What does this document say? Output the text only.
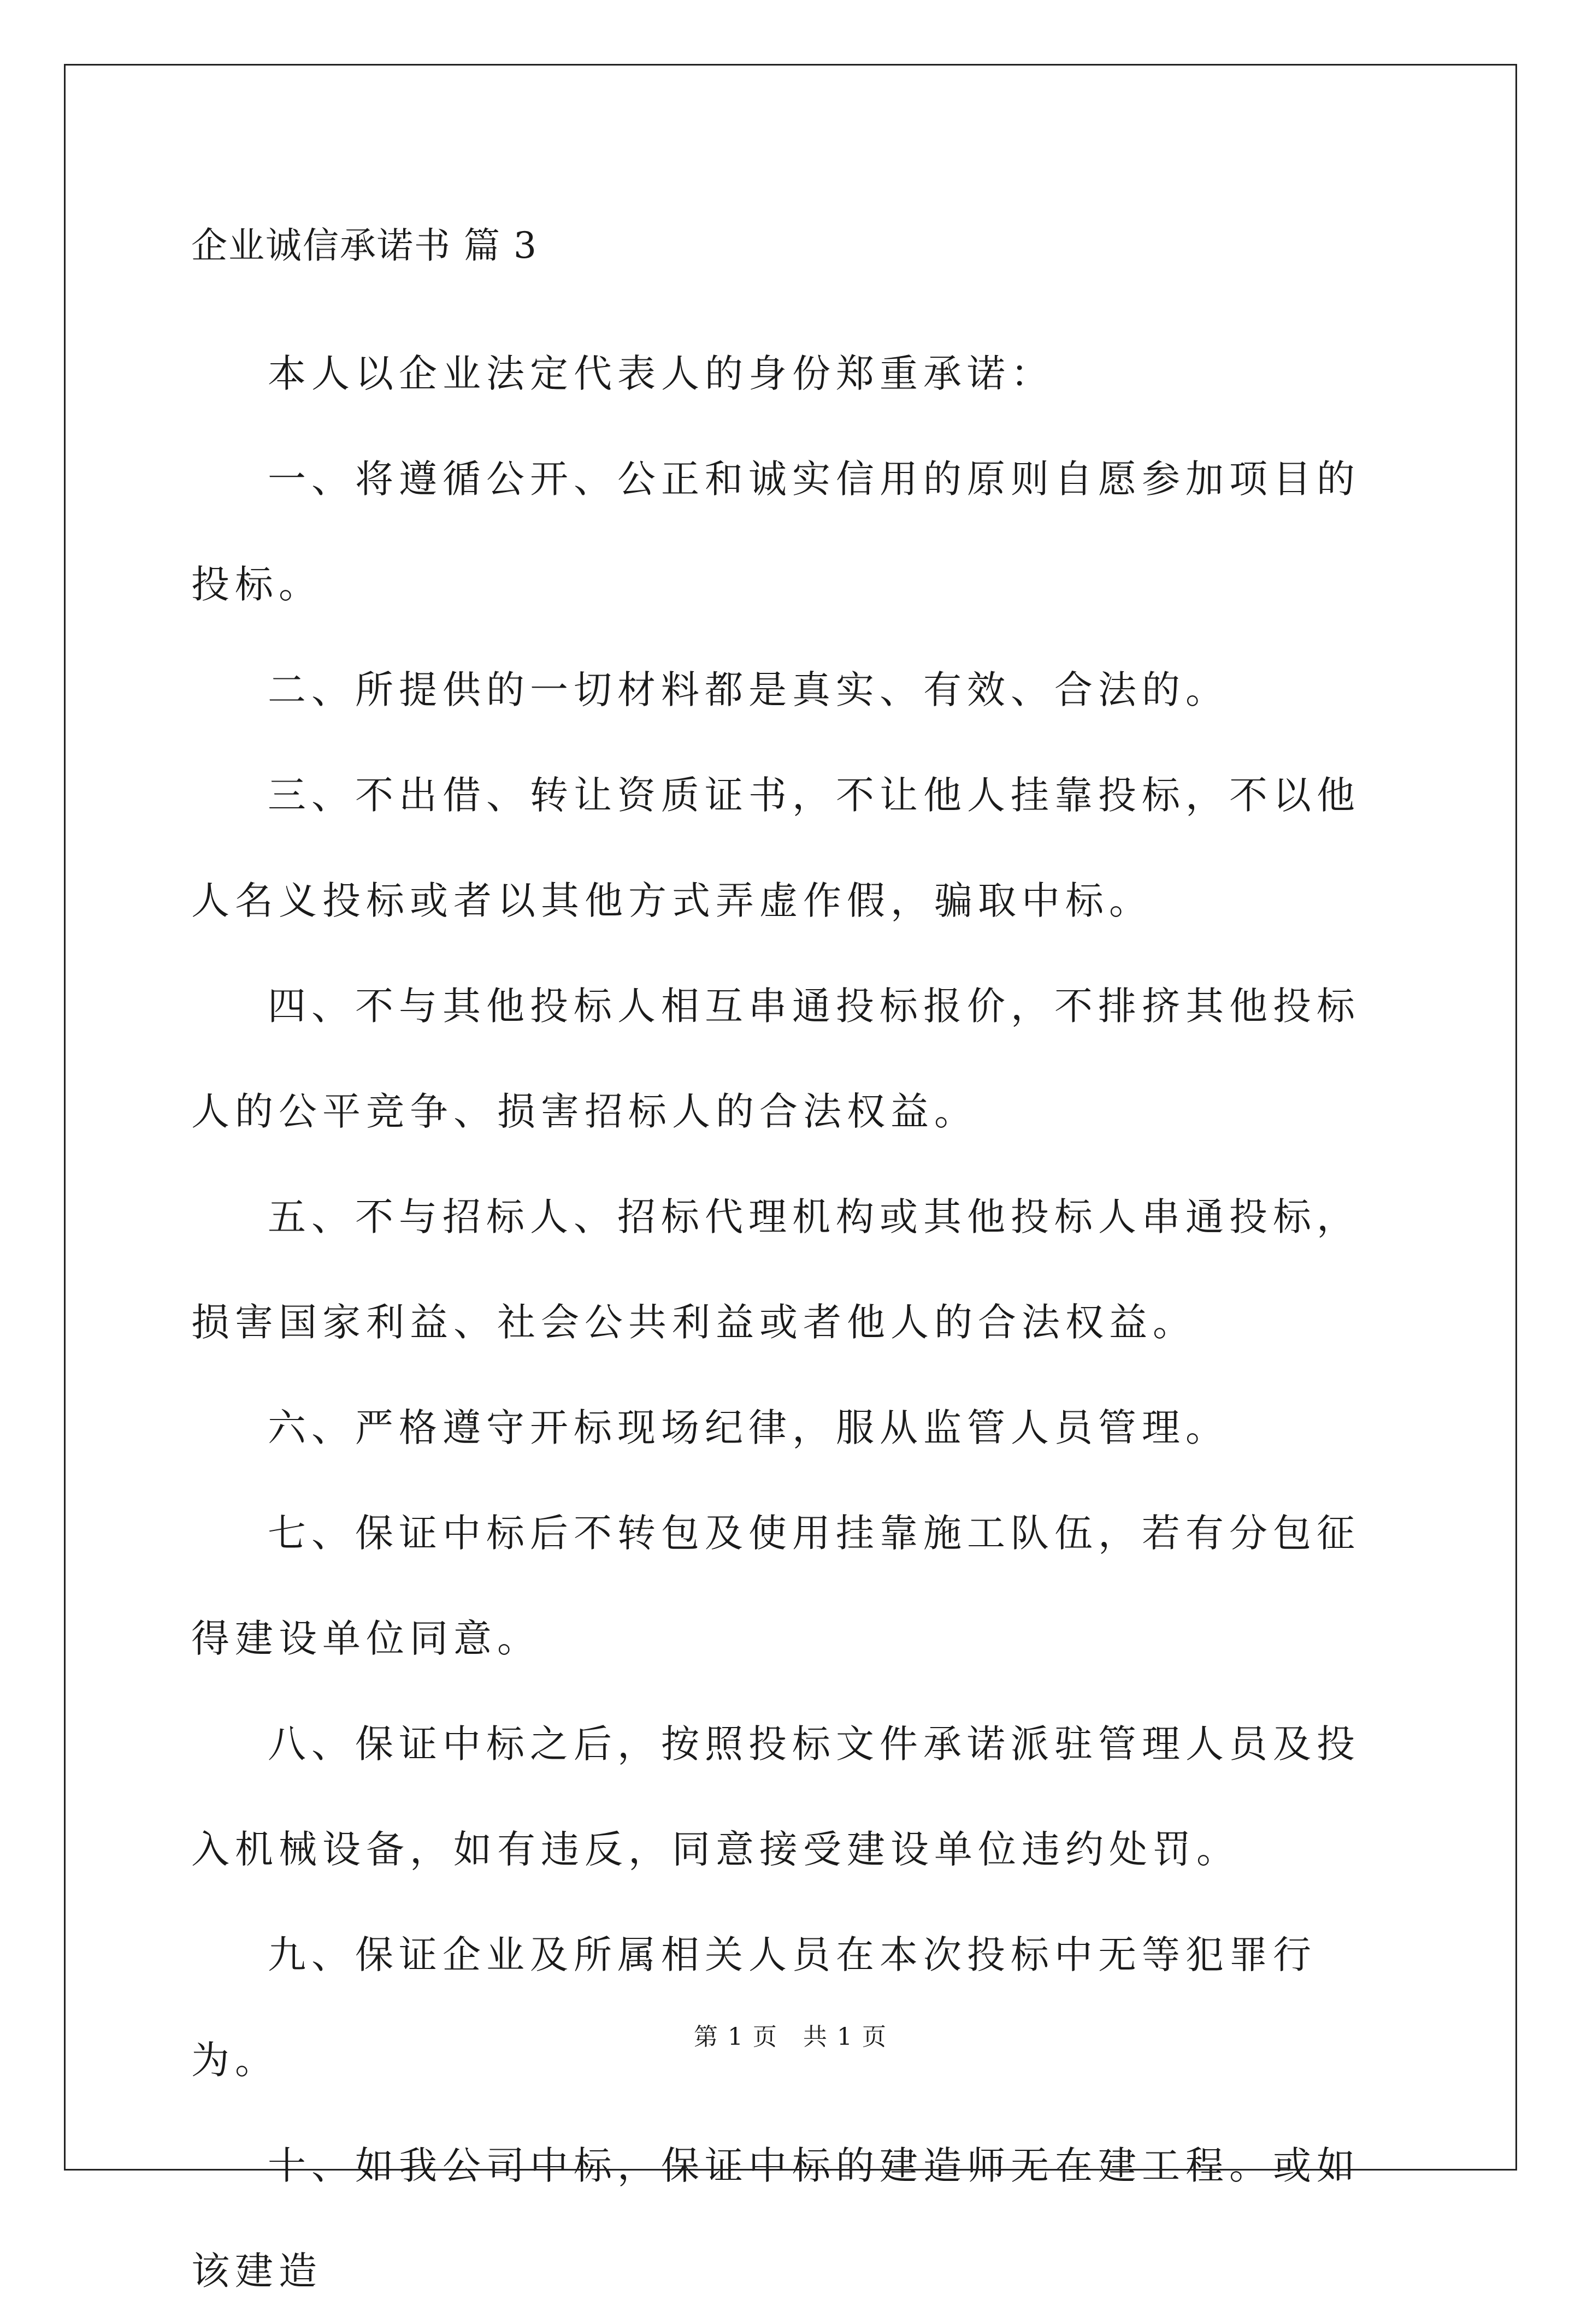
企业诚信承诺书 篇 3

本人以企业法定代表人的身份郑重承诺：

一、将遵循公开、公正和诚实信用的原则自愿参加项目的投标。

二、所提供的一切材料都是真实、有效、合法的。

三、不出借、转让资质证书，不让他人挂靠投标，不以他人名义投标或者以其他方式弄虚作假，骗取中标。

四、不与其他投标人相互串通投标报价，不排挤其他投标人的公平竞争、损害招标人的合法权益。

五、不与招标人、招标代理机构或其他投标人串通投标，损害国家利益、社会公共利益或者他人的合法权益。

六、严格遵守开标现场纪律，服从监管人员管理。

七、保证中标后不转包及使用挂靠施工队伍，若有分包征得建设单位同意。

八、保证中标之后，按照投标文件承诺派驻管理人员及投入机械设备，如有违反，同意接受建设单位违约处罚。

九、保证企业及所属相关人员在本次投标中无等犯罪行为。

十、如我公司中标，保证中标的建造师无在建工程。或如该建造

第 1 页　共 1 页
